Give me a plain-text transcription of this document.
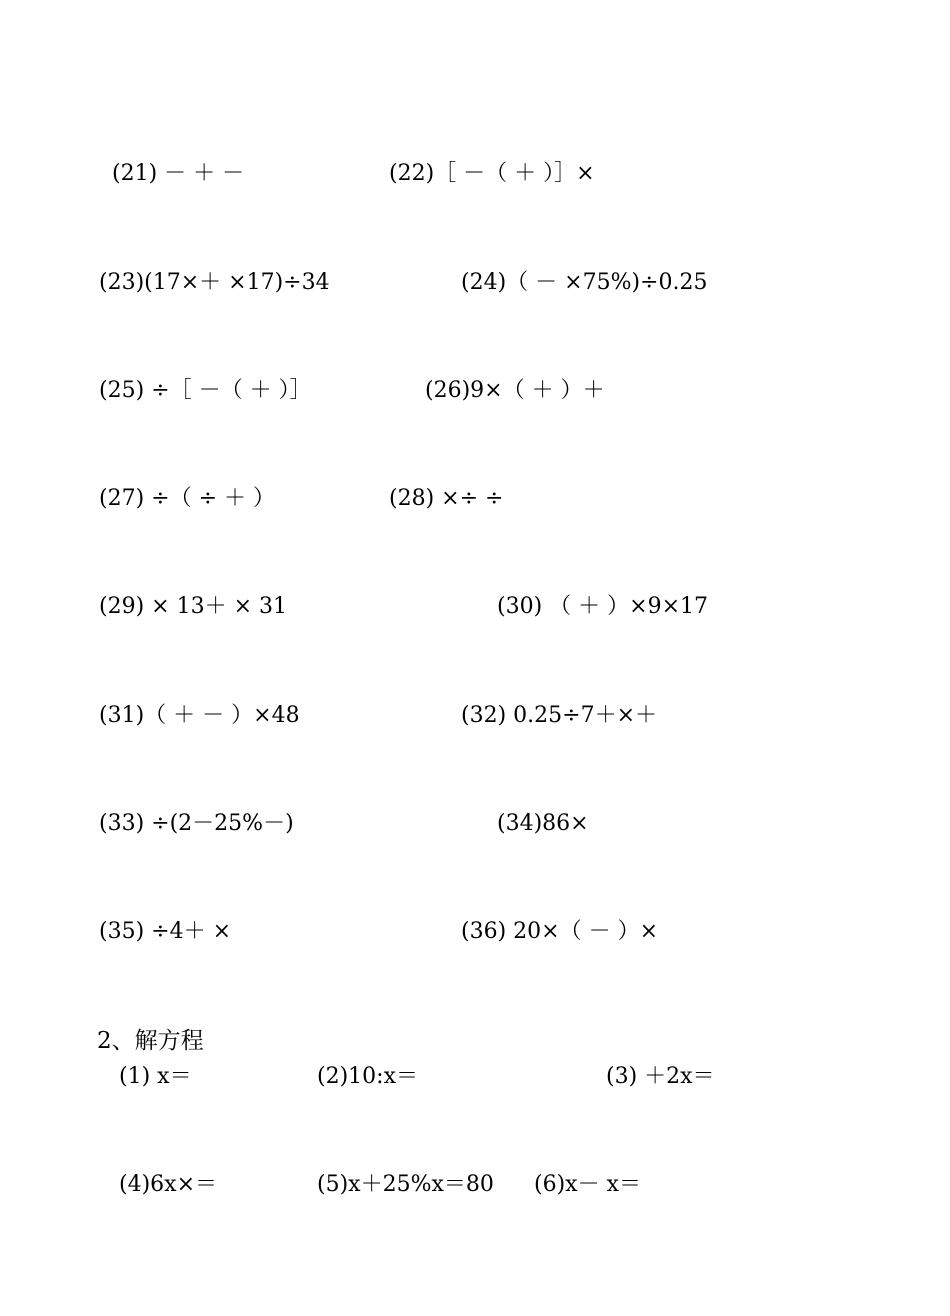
(21) － ＋ －	(22)［ －（ ＋ ）］×
(23)(17×＋ ×17)÷34	(24)（ － ×75%)÷0.25
(25) ÷［ －（ ＋ ）］	(26)9×（ ＋ ）＋
(27) ÷（ ÷ ＋ ）	(28) ×÷ ÷
(29) × 13＋ × 31	(30) （ ＋ ）×9×17
(31)（ ＋ － ）×48	(32) 0.25÷7＋×＋
(33) ÷(2－25%－)	(34)86×
(35) ÷4＋ ×	(36) 20×（ － ）×
2、解方程
(1) x＝	(2)10:x＝	(3) ＋2x＝
(4)6x×＝	(5)x＋25%x＝80 (6)x－ x＝
